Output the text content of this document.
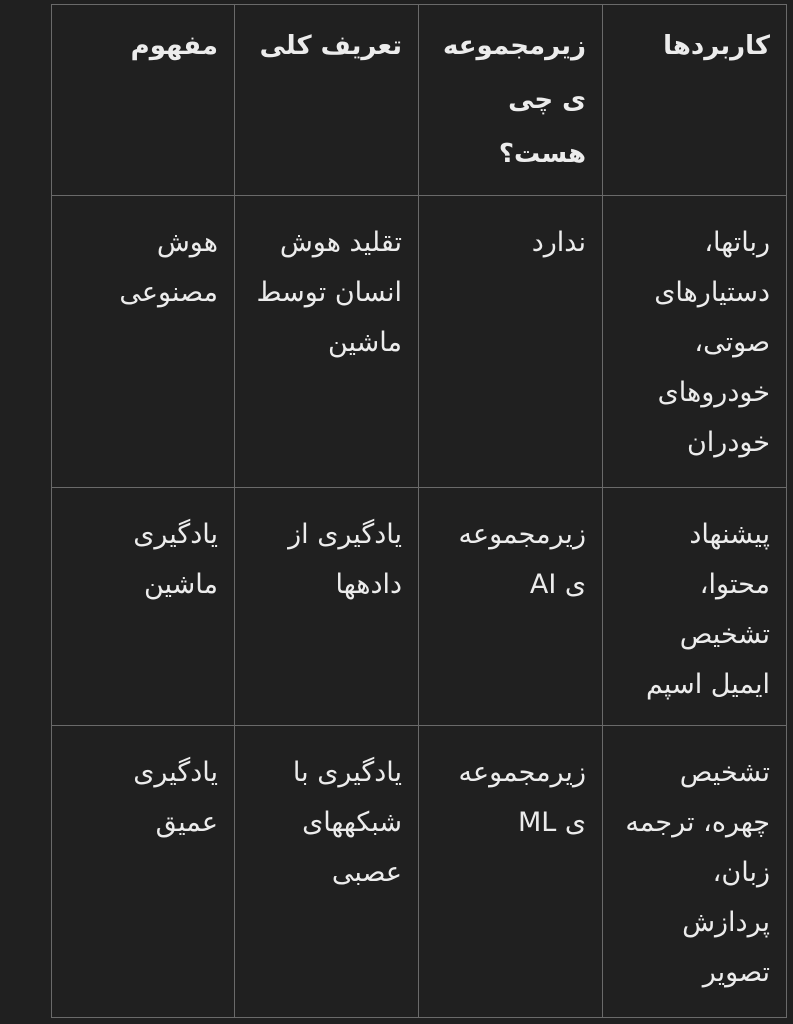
کاربردها	زیرمجموعه ی چی هست؟	تعریف کلی	مفهوم
رباتها، دستیارهای صوتی، خودروهای خودران	ندارد	تقلید هوش انسان توسط ماشین	هوش مصنوعی
پیشنهاد محتوا، تشخیص ایمیل اسپم	زیرمجموعه ی AI	یادگیری از دادهها	یادگیری ماشین
تشخیص چهره، ترجمه زبان، پردازش تصویر	زیرمجموعه ی ML	یادگیری با شبکههای عصبی	یادگیری عمیق
